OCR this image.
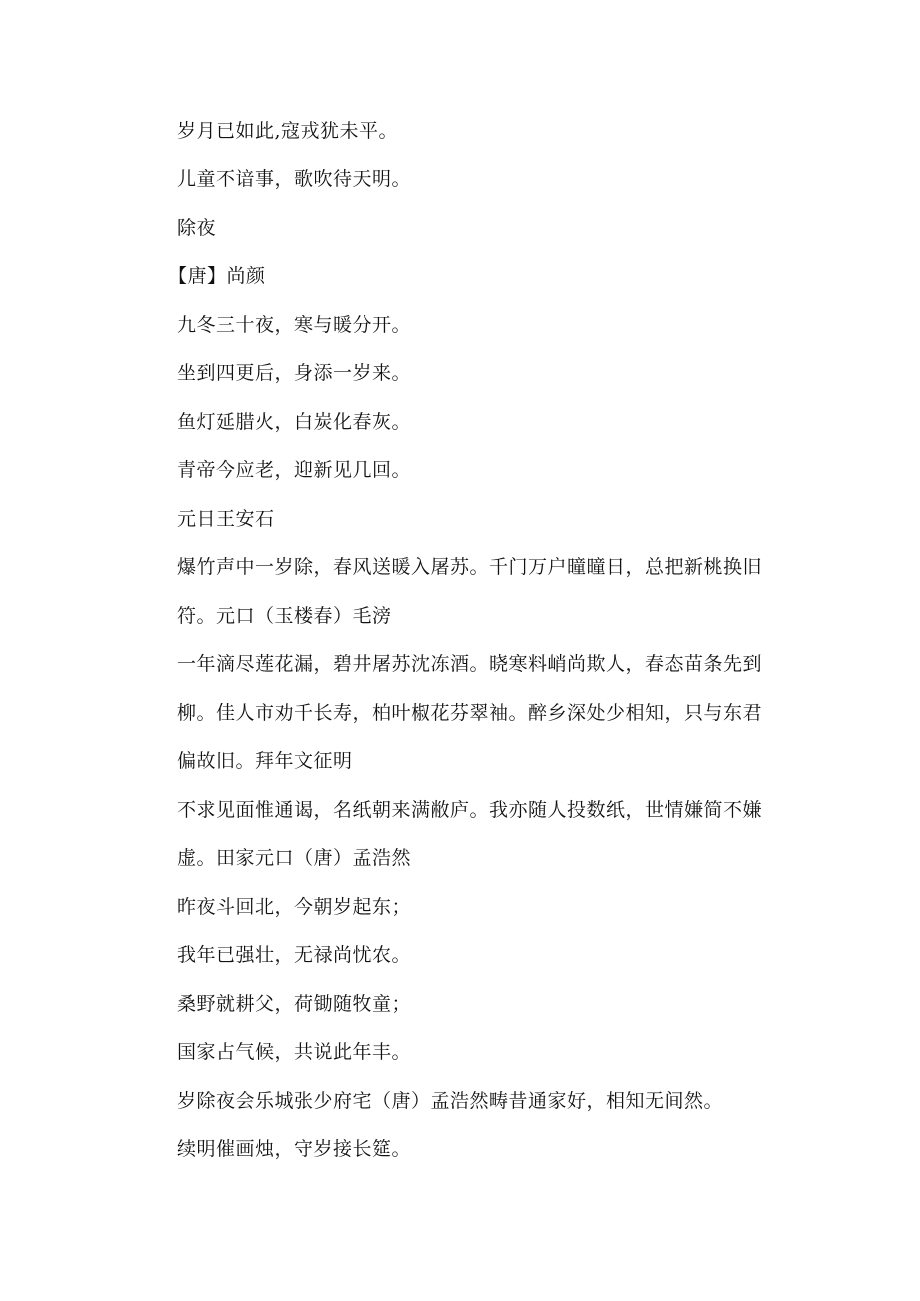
岁月已如此,寇戎犹未平。
儿童不谙事，歌吹待天明。
除夜
【唐】尚颜
九冬三十夜，寒与暖分开。
坐到四更后，身添一岁来。
鱼灯延腊火，白炭化春灰。
青帝今应老，迎新见几回。
元日王安石
爆竹声中一岁除，春风送暖入屠苏。千门万户曈曈日，总把新桃换旧
符。元口（玉楼春）毛滂
一年滴尽莲花漏，碧井屠苏沈冻酒。晓寒料峭尚欺人，春态苗条先到
柳。佳人市劝千长寿，柏叶椒花芬翠袖。醉乡深处少相知，只与东君
偏故旧。拜年文征明
不求见面惟通谒，名纸朝来满敝庐。我亦随人投数纸，世情嫌简不嫌
虚。田家元口（唐）孟浩然
昨夜斗回北，今朝岁起东；
我年已强壮，无禄尚忧农。
桑野就耕父，荷锄随牧童；
国家占气候，共说此年丰。
岁除夜会乐城张少府宅（唐）孟浩然畴昔通家好，相知无间然。
续明催画烛，守岁接长筵。
